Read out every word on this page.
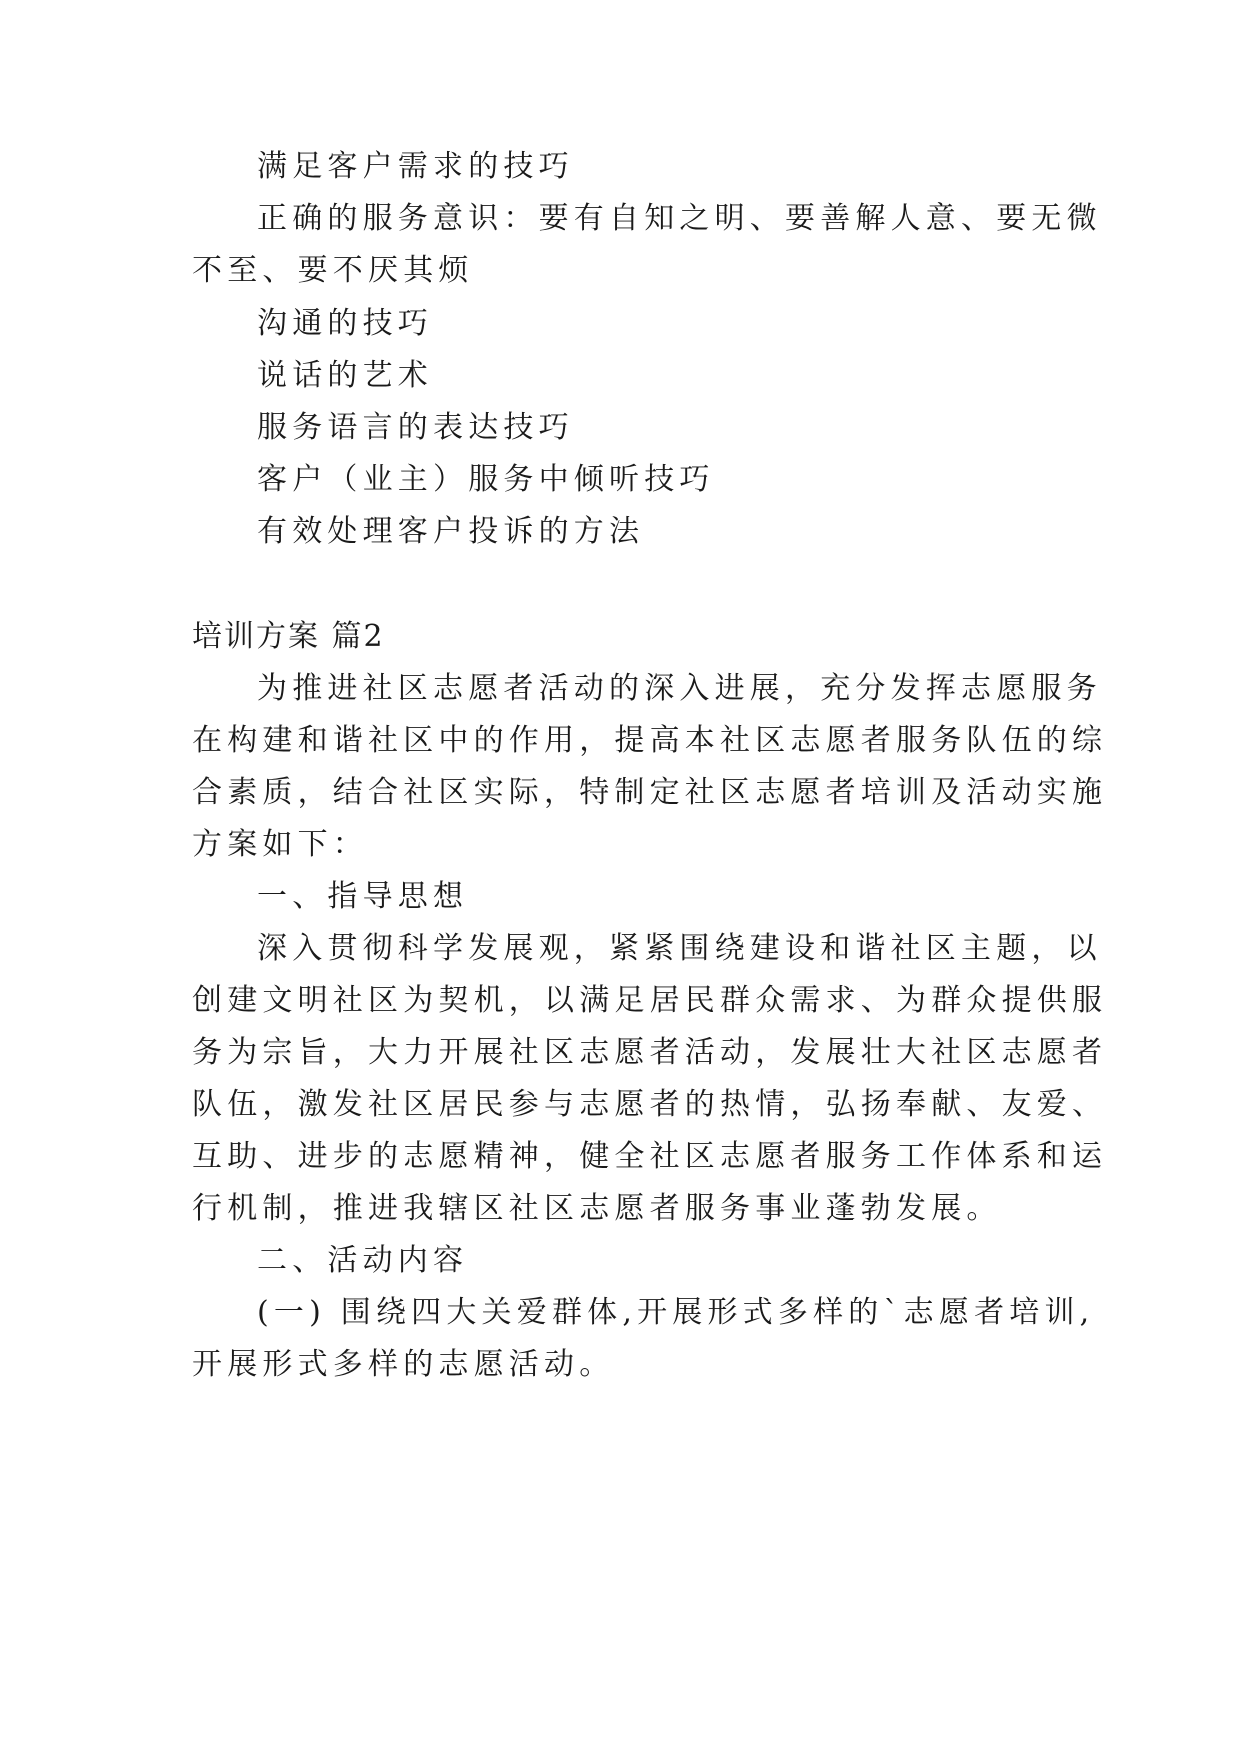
满足客户需求的技巧

正确的服务意识：要有自知之明、要善解人意、要无微

不至、要不厌其烦

沟通的技巧

说话的艺术

服务语言的表达技巧

客户（业主）服务中倾听技巧

有效处理客户投诉的方法

培训方案 篇2

为推进社区志愿者活动的深入进展，充分发挥志愿服务

在构建和谐社区中的作用，提高本社区志愿者服务队伍的综

合素质，结合社区实际，特制定社区志愿者培训及活动实施

方案如下：

一、指导思想

深入贯彻科学发展观，紧紧围绕建设和谐社区主题，以

创建文明社区为契机，以满足居民群众需求、为群众提供服

务为宗旨，大力开展社区志愿者活动，发展壮大社区志愿者

队伍，激发社区居民参与志愿者的热情，弘扬奉献、友爱、

互助、进步的志愿精神，健全社区志愿者服务工作体系和运

行机制，推进我辖区社区志愿者服务事业蓬勃发展。

二、活动内容

(一) 围绕四大关爱群体,开展形式多样的`志愿者培训,

开展形式多样的志愿活动。
